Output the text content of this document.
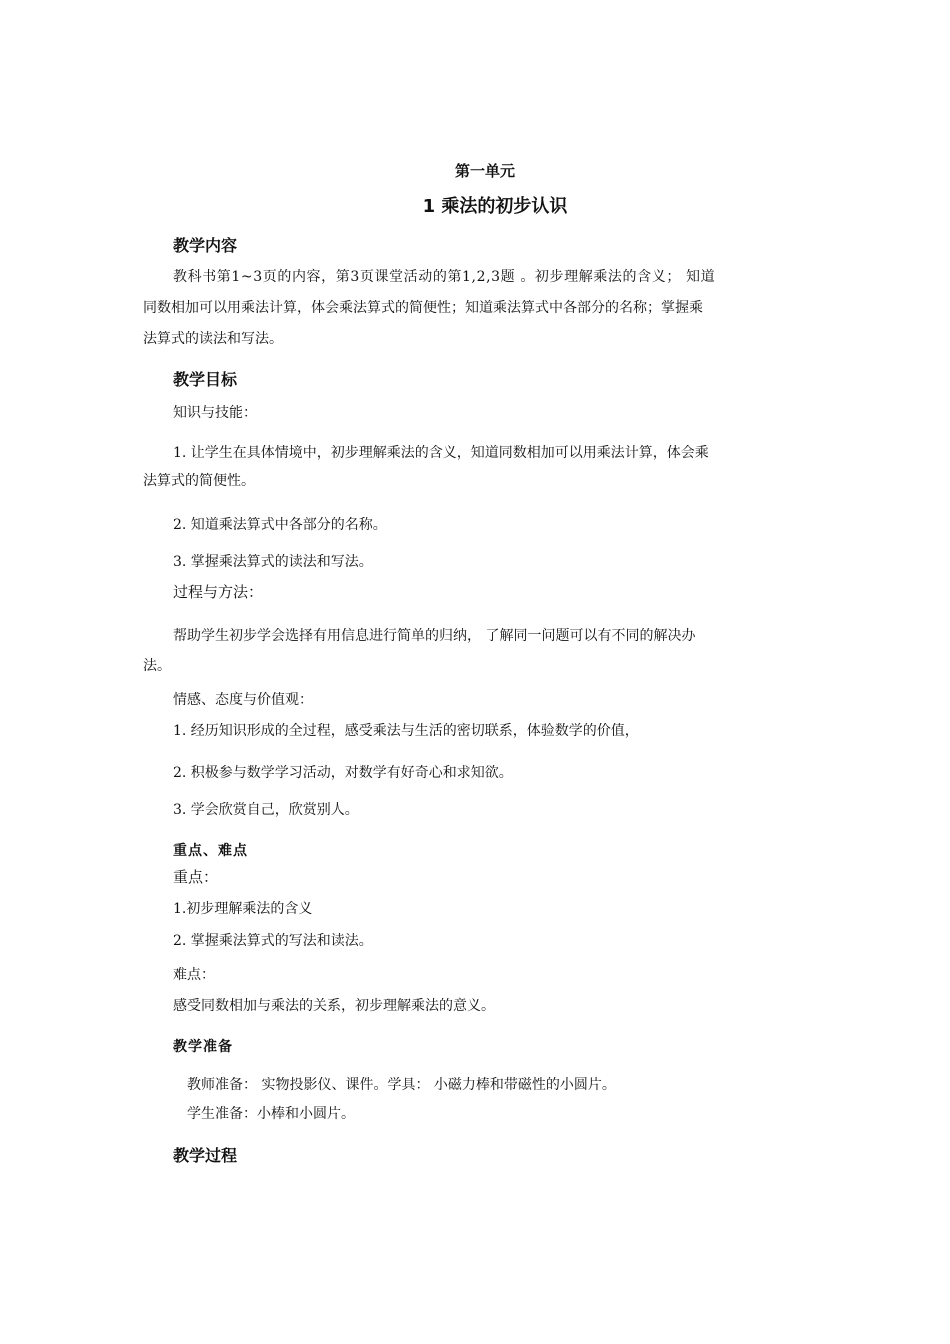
第一单元
1 乘法的初步认识
教学内容
教科书第1~3页的内容，第3页课堂活动的第1,2,3题 。初步理解乘法的含义； 知道
同数相加可以用乘法计算，体会乘法算式的简便性；知道乘法算式中各部分的名称；掌握乘
法算式的读法和写法。
教学目标
知识与技能：
1. 让学生在具体情境中，初步理解乘法的含义，知道同数相加可以用乘法计算，体会乘
法算式的简便性。
2. 知道乘法算式中各部分的名称。
3. 掌握乘法算式的读法和写法。
过程与方法：
帮助学生初步学会选择有用信息进行简单的归纳， 了解同一问题可以有不同的解决办
法。
情感、态度与价值观：
1. 经历知识形成的全过程，感受乘法与生活的密切联系，体验数学的价值，
2. 积极参与数学学习活动，对数学有好奇心和求知欲。
3. 学会欣赏自己，欣赏别人。
重点、难点
重点：
1.初步理解乘法的含义
2. 掌握乘法算式的写法和读法。
难点：
感受同数相加与乘法的关系，初步理解乘法的意义。
教学准备
教师准备： 实物投影仪、课件。学具： 小磁力棒和带磁性的小圆片。
学生准备：小棒和小圆片。
教学过程
